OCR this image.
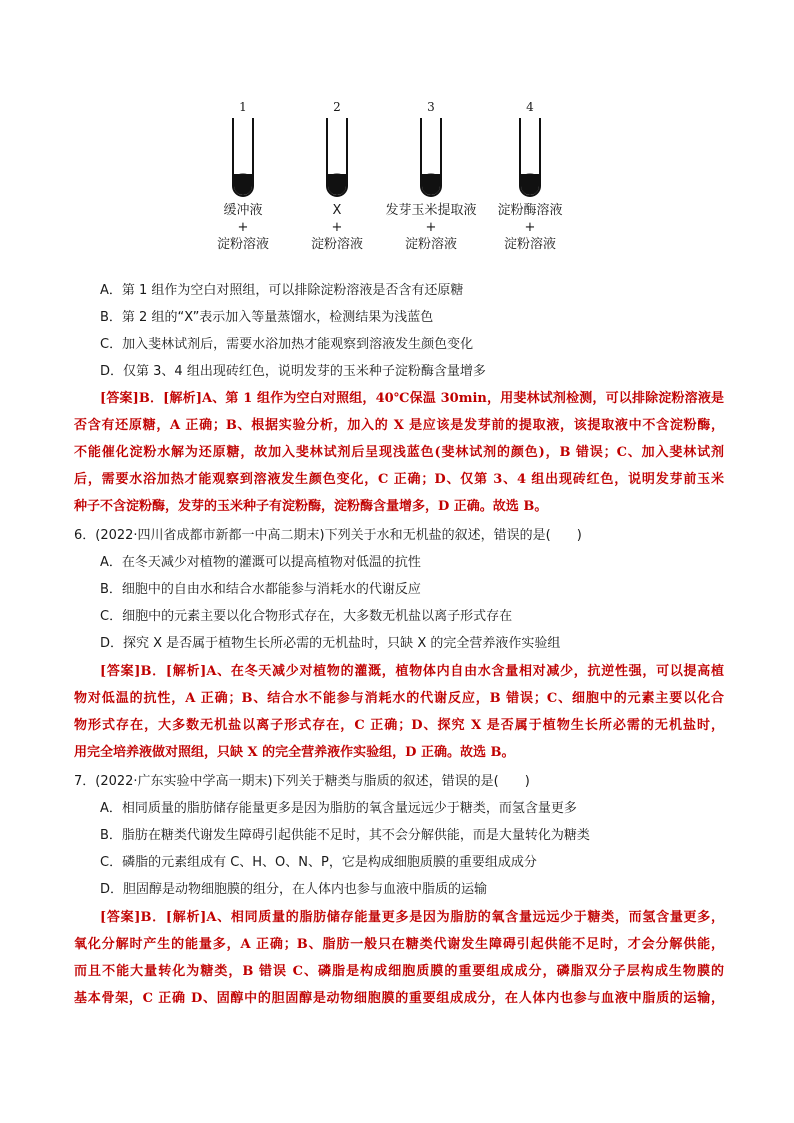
1
缓冲液
+
淀粉溶液
2
X
+
淀粉溶液
3
发芽玉米提取液
+
淀粉溶液
4
淀粉酶溶液
+
淀粉溶液
A．第 1 组作为空白对照组，可以排除淀粉溶液是否含有还原糖
B．第 2 组的“X”表示加入等量蒸馏水，检测结果为浅蓝色
C．加入斐林试剂后，需要水浴加热才能观察到溶液发生颜色变化
D．仅第 3、4 组出现砖红色，说明发芽的玉米种子淀粉酶含量增多
[答案]B．[解析]A、第 1 组作为空白对照组，40℃保温 30min，用斐林试剂检测，可以排除淀粉溶液是
否含有还原糖，A 正确；B、根据实验分析，加入的 X 是应该是发芽前的提取液，该提取液中不含淀粉酶，
不能催化淀粉水解为还原糖，故加入斐林试剂后呈现浅蓝色(斐林试剂的颜色)，B 错误；C、加入斐林试剂
后，需要水浴加热才能观察到溶液发生颜色变化，C 正确；D、仅第 3、4 组出现砖红色，说明发芽前玉米
种子不含淀粉酶，发芽的玉米种子有淀粉酶，淀粉酶含量增多，D 正确。故选 B。
6．(2022·四川省成都市新都一中高二期末)下列关于水和无机盐的叙述，错误的是(　　)
A．在冬天减少对植物的灌溉可以提高植物对低温的抗性
B．细胞中的自由水和结合水都能参与消耗水的代谢反应
C．细胞中的元素主要以化合物形式存在，大多数无机盐以离子形式存在
D．探究 X 是否属于植物生长所必需的无机盐时，只缺 X 的完全营养液作实验组
[答案]B．[解析]A、在冬天减少对植物的灌溉，植物体内自由水含量相对减少，抗逆性强，可以提高植
物对低温的抗性，A 正确；B、结合水不能参与消耗水的代谢反应，B 错误；C、细胞中的元素主要以化合
物形式存在，大多数无机盐以离子形式存在，C 正确；D、探究 X 是否属于植物生长所必需的无机盐时，
用完全培养液做对照组，只缺 X 的完全营养液作实验组，D 正确。故选 B。
7．(2022·广东实验中学高一期末)下列关于糖类与脂质的叙述，错误的是(　　)
A．相同质量的脂肪储存能量更多是因为脂肪的氧含量远远少于糖类，而氢含量更多
B．脂肪在糖类代谢发生障碍引起供能不足时，其不会分解供能，而是大量转化为糖类
C．磷脂的元素组成有 C、H、O、N、P，它是构成细胞质膜的重要组成成分
D．胆固醇是动物细胞膜的组分，在人体内也参与血液中脂质的运输
[答案]B．[解析]A、相同质量的脂肪储存能量更多是因为脂肪的氧含量远远少于糖类，而氢含量更多，
氧化分解时产生的能量多，A 正确；B、脂肪一般只在糖类代谢发生障碍引起供能不足时，才会分解供能，
而且不能大量转化为糖类，B 错误 C、磷脂是构成细胞质膜的重要组成成分，磷脂双分子层构成生物膜的
基本骨架，C 正确 D、固醇中的胆固醇是动物细胞膜的重要组成成分，在人体内也参与血液中脂质的运输，
